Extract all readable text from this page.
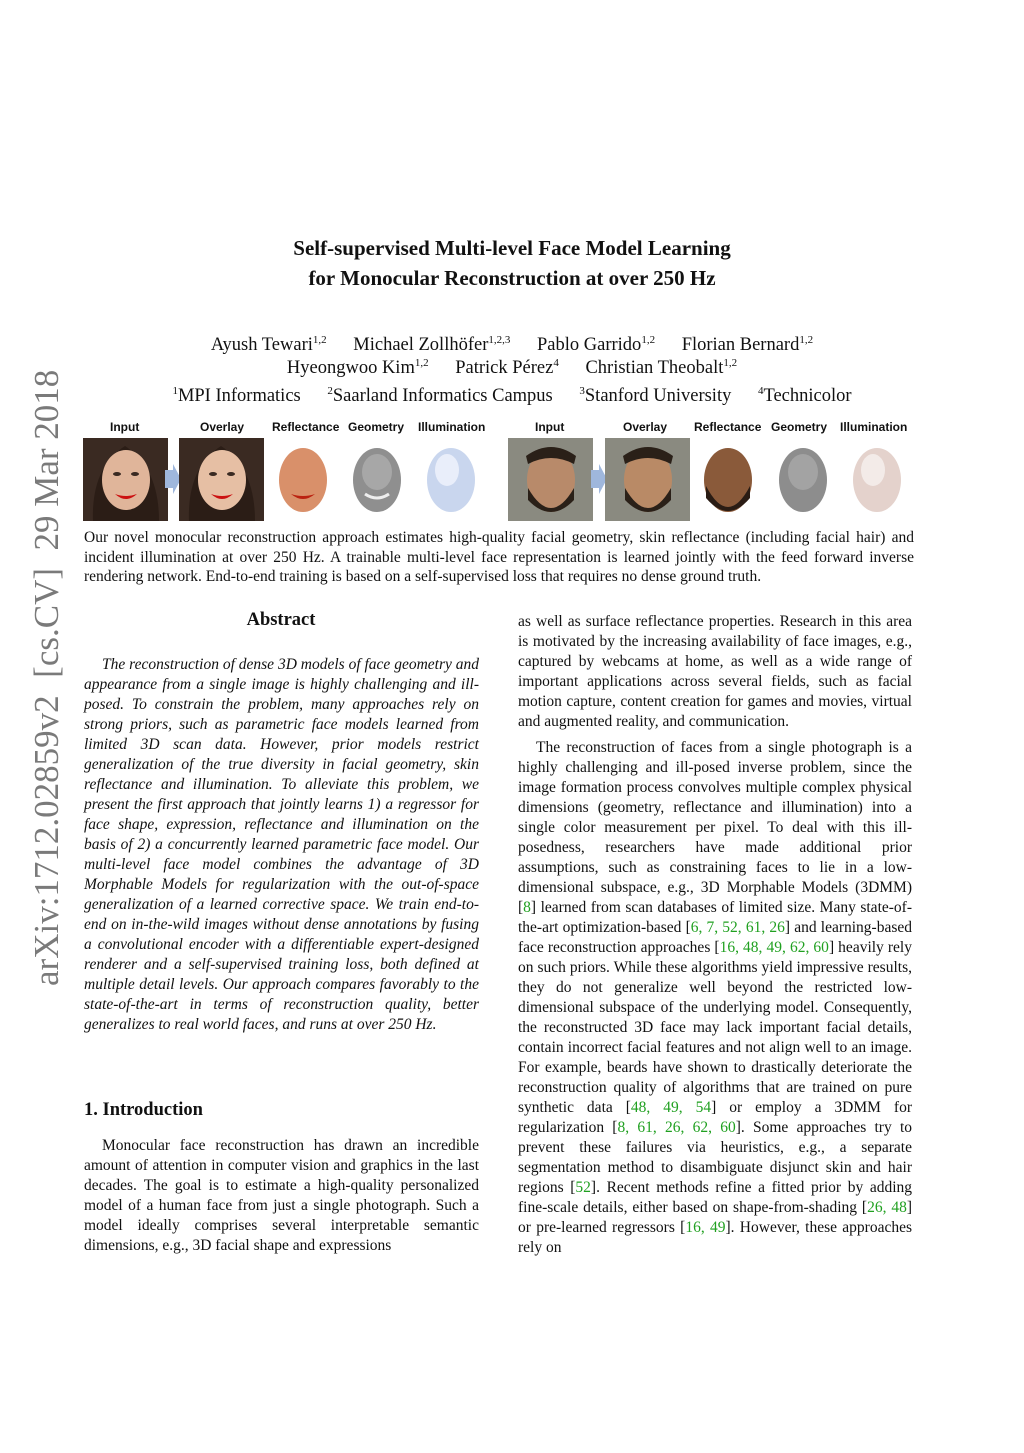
arXiv:1712.02859v2  [cs.CV]  29 Mar 2018
Self-supervised Multi-level Face Model Learning
for Monocular Reconstruction at over 250 Hz
Ayush Tewari$^{1,2}$ Michael Zollhöfer$^{1,2,3}$ Pablo Garrido$^{1,2}$ Florian Bernard$^{1,2}$
Hyeongwoo Kim$^{1,2}$ Patrick Pérez$^4$ Christian Theobalt$^{1,2}$
$^1$MPI Informatics $^2$Saarland Informatics Campus $^3$Stanford University $^4$Technicolor
Input	Overlay Reflectance Geometry Illumination	Input	Overlay Reflectance Geometry Illumination
Our novel monocular reconstruction approach estimates high-quality facial geometry, skin reflectance (including facial hair) and incident illumination at over 250 Hz. A trainable multi-level face representation is learned jointly with the feed forward inverse rendering network. End-to-end training is based on a self-supervised loss that requires no dense ground truth.
Abstract

The reconstruction of dense 3D models of face geometry and appearance from a single image is highly challenging and ill-posed. To constrain the problem, many approaches rely on strong priors, such as parametric face models learned from limited 3D scan data. However, prior models restrict generalization of the true diversity in facial geometry, skin reflectance and illumination. To alleviate this problem, we present the first approach that jointly learns 1) a regressor for face shape, expression, reflectance and illumination on the basis of 2) a concurrently learned parametric face model. Our multi-level face model combines the advantage of 3D Morphable Models for regularization with the out-of-space generalization of a learned corrective space. We train end-to-end on in-the-wild images without dense annotations by fusing a convolutional encoder with a differentiable expert-designed renderer and a self-supervised training loss, both defined at multiple detail levels. Our approach compares favorably to the state-of-the-art in terms of reconstruction quality, better generalizes to real world faces, and runs at over 250 Hz.

1. Introduction

Monocular face reconstruction has drawn an incredible amount of attention in computer vision and graphics in the last decades. The goal is to estimate a high-quality personalized model of a human face from just a single photograph. Such a model ideally comprises several interpretable semantic dimensions, e.g., 3D facial shape and expressions

as well as surface reflectance properties. Research in this area is motivated by the increasing availability of face images, e.g., captured by webcams at home, as well as a wide range of important applications across several fields, such as facial motion capture, content creation for games and movies, virtual and augmented reality, and communication.

The reconstruction of faces from a single photograph is a highly challenging and ill-posed inverse problem, since the image formation process convolves multiple complex physical dimensions (geometry, reflectance and illumination) into a single color measurement per pixel. To deal with this ill-posedness, researchers have made additional prior assumptions, such as constraining faces to lie in a low-dimensional subspace, e.g., 3D Morphable Models (3DMM) [8] learned from scan databases of limited size. Many state-of-the-art optimization-based [6, 7, 52, 61, 26] and learning-based face reconstruction approaches [16, 48, 49, 62, 60] heavily rely on such priors. While these algorithms yield impressive results, they do not generalize well beyond the restricted low-dimensional subspace of the underlying model. Consequently, the reconstructed 3D face may lack important facial details, contain incorrect facial features and not align well to an image. For example, beards have shown to drastically deteriorate the reconstruction quality of algorithms that are trained on pure synthetic data [48, 49, 54] or employ a 3DMM for regularization [8, 61, 26, 62, 60]. Some approaches try to prevent these failures via heuristics, e.g., a separate segmentation method to disambiguate disjunct skin and hair regions [52]. Recent methods refine a fitted prior by adding fine-scale details, either based on shape-from-shading [26, 48] or pre-learned regressors [16, 49]. However, these approaches rely on
